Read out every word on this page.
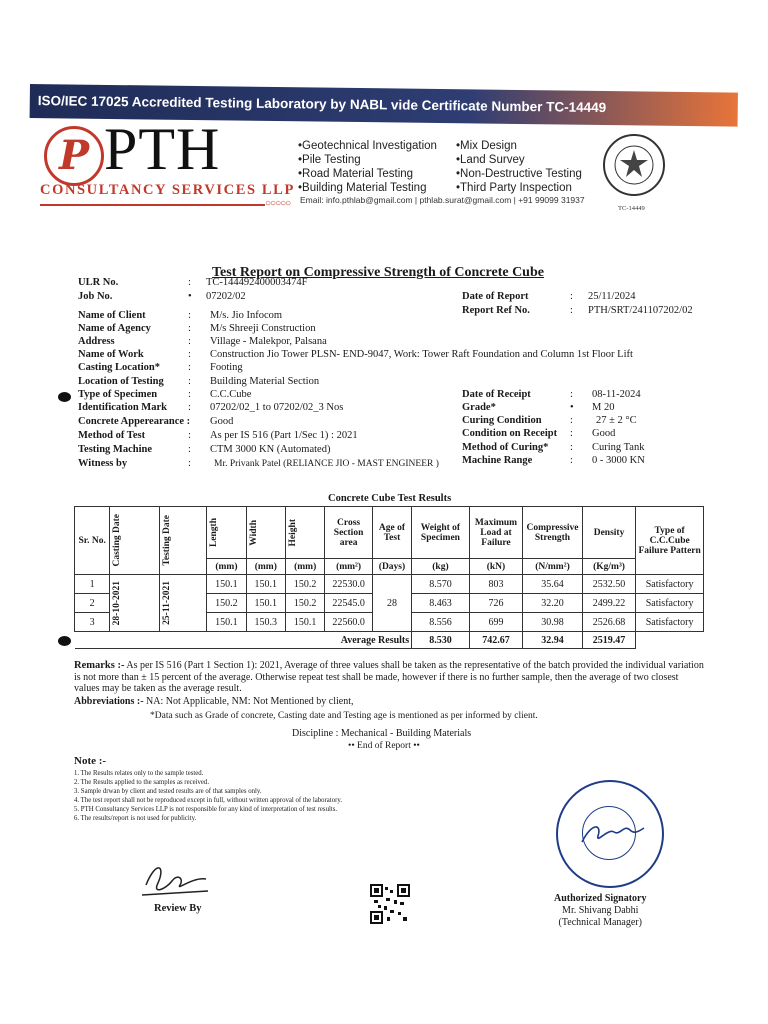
ISO/IEC 17025 Accredited Testing Laboratory by NABL vide Certificate Number TC-14449
P PTH
CONSULTANCY SERVICES LLP
○○○○○
• Geotechnical Investigation
• Pile Testing
• Road Material Testing
• Building Material Testing
• Mix Design
• Land Survey
• Non-Destructive Testing
• Third Party Inspection
Email: info.pthlab@gmail.com | pthlab.surat@gmail.com | +91 99099 31937
TC-14449
Test Report on Compressive Strength of Concrete Cube
ULR No.	: TC-144492400003474F
Job No.	• 07202/02
Name of Client	: M/s. Jio Infocom
Name of Agency	: M/s Shreeji Construction
Address	: Village - Malekpor, Palsana
Name of Work	: Construction Jio Tower PLSN- END-9047, Work: Tower Raft Foundation and Column 1st Floor Lift
Casting Location*	: Footing
Location of Testing : Building Material Section
Type of Specimen	: C.C.Cube
Identification Mark : 07202/02_1 to 07202/02_3 Nos
Concrete Apperearance : Good
Method of Test	: As per IS 516 (Part 1/Sec 1) : 2021
Testing Machine	: CTM 3000 KN (Automated)
Witness by	: Mr. Privank Patel (RELIANCE JIO - MAST ENGINEER )
Date of Report	: 25/11/2024
Report Ref No.	: PTH/SRT/241107202/02
Date of Receipt	: 08-11-2024
Grade*	• M 20
Curing Condition	: 27 ± 2 °C
Condition on Receipt : Good
Method of Curing* : Curing Tank
Machine Range	: 0 - 3000 KN
Concrete Cube Test Results
Sr. No.	Casting Date	Testing Date	Length	Width	Height	Cross Section area	Age of Test	Weight of Specimen	Maximum Load at Failure	Compressive Strength	Density	Type of C.C.Cube Failure Pattern
			(mm)	(mm)	(mm)	(mm²)	(Days)	(kg)	(kN)	(N/mm²)	(Kg/m³)	
1	28-10-2021	25-11-2021	150.1	150.1	150.2	22530.0	28	8.570	803	35.64	2532.50	Satisfactory
2			150.2	150.1	150.2	22545.0		8.463	726	32.20	2499.22	Satisfactory
3			150.1	150.3	150.1	22560.0		8.556	699	30.98	2526.68	Satisfactory
Average Results								8.530	742.67	32.94	2519.47	
Remarks :- As per IS 516 (Part 1 Section 1): 2021, Average of three values shall be taken as the representative of the batch provided the individual variation is not more than ± 15 percent of the average. Otherwise repeat test shall be made, however if there is no further sample, then the average of two closest values may be taken as the average result.
Abbreviations :- NA: Not Applicable, NM: Not Mentioned by client,
*Data such as Grade of concrete, Casting date and Testing age is mentioned as per informed by client.
Discipline : Mechanical - Building Materials
•• End of Report ••
Note :-
1. The Results relates only to the sample tested.
2. The Results applied to the samples as received.
3. Sample drwan by client and tested results are of that samples only.
4. The test report shall not be reproduced except in full, without written approval of the laboratory.
5. PTH Consultancy Services LLP is not responsible for any kind of interpretation of test results.
6. The results/report is not used for publicity.
Review By
Authorized Signatory
Mr. Shivang Dabhi
(Technical Manager)
